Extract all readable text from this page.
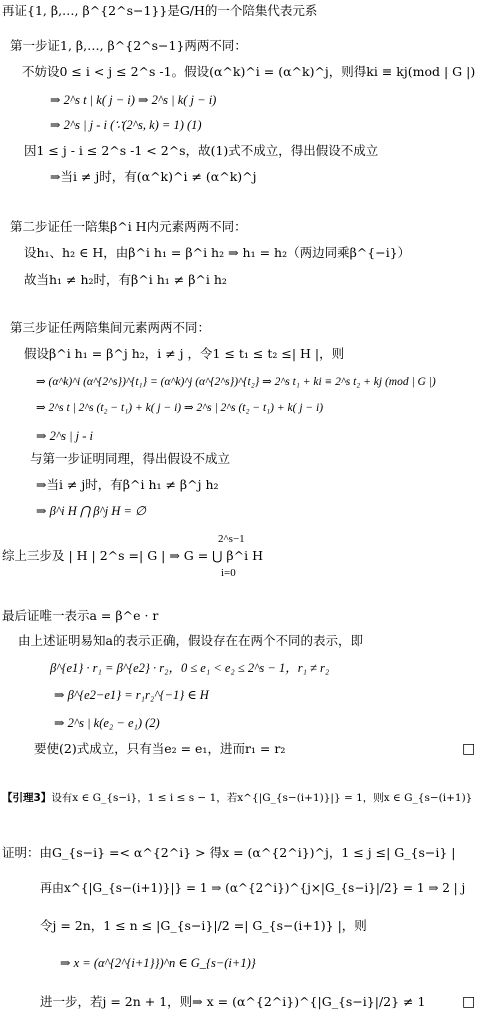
再证{1, β,…, β^{2^s−1}}是G/H的一个陪集代表元系
第一步证1, β,…, β^{2^s−1}两两不同：
不妨设0 ≤ i < j ≤ 2^s -1。假设(α^k)^i = (α^k)^j，则得ki ≡ kj(mod | G |)
⇒ 2^s t | k( j − i) ⇒ 2^s | k( j − i)
⇒ 2^s | j - i (∵(2^s, k) = 1) (1)
因1 ≤ j - i ≤ 2^s -1 < 2^s，故(1)式不成立，得出假设不成立
⇒当i ≠ j时，有(α^k)^i ≠ (α^k)^j
第二步证任一陪集β^i H内元素两两不同：
设h₁、h₂ ∈ H，由β^i h₁ = β^i h₂ ⇒ h₁ = h₂（两边同乘β^{−i}）
故当h₁ ≠ h₂时，有β^i h₁ ≠ β^i h₂
第三步证任两陪集间元素两两不同：
假设β^i h₁ = β^j h₂，i ≠ j ，令1 ≤ t₁ ≤ t₂ ≤| H |，则
⇒ (α^k)^i (α^{2^s})^{t₁} = (α^k)^j (α^{2^s})^{t₂} ⇒ 2^s t₁ + ki ≡ 2^s t₂ + kj (mod | G |)
⇒ 2^s t | 2^s (t₂ − t₁) + k( j − i) ⇒ 2^s | 2^s (t₂ − t₁) + k( j − i)
⇒ 2^s | j - i
与第一步证明同理，得出假设不成立
⇒当i ≠ j时，有β^i h₁ ≠ β^j h₂
⇒ β^i H ⋂ β^j H = ∅
综上三步及 | H | 2^s =| G | ⇒ G = ⋃ β^i H
2^s−1
i=0
最后证唯一表示a = β^e · r
由上述证明易知a的表示正确，假设存在在两个不同的表示，即
β^{e1} · r₁ = β^{e2} · r₂，0 ≤ e₁ < e₂ ≤ 2^s − 1，r₁ ≠ r₂
⇒ β^{e2−e1} = r₁r₂^{−1} ∈ H
⇒ 2^s | k(e₂ − e₁) (2)
要使(2)式成立，只有当e₂ = e₁，进而r₁ = r₂	□
【引理3】设有x ∈ G_{s−i}，1 ≤ i ≤ s − 1，若x^{|G_{s−(i+1)}|} = 1，则x ∈ G_{s−(i+1)}
证明：由G_{s−i} =< α^{2^i} > 得x = (α^{2^i})^j，1 ≤ j ≤| G_{s−i} |
再由x^{|G_{s−(i+1)}|} = 1 ⇒ (α^{2^i})^{j×|G_{s−i}|/2} = 1 ⇒ 2 | j
令j = 2n，1 ≤ n ≤ |G_{s−i}|/2 =| G_{s−(i+1)} |，则
⇒ x = (α^{2^{i+1}})^n ∈ G_{s−(i+1)}
进一步，若j = 2n + 1，则⇒ x = (α^{2^i})^{|G_{s−i}|/2} ≠ 1	□
